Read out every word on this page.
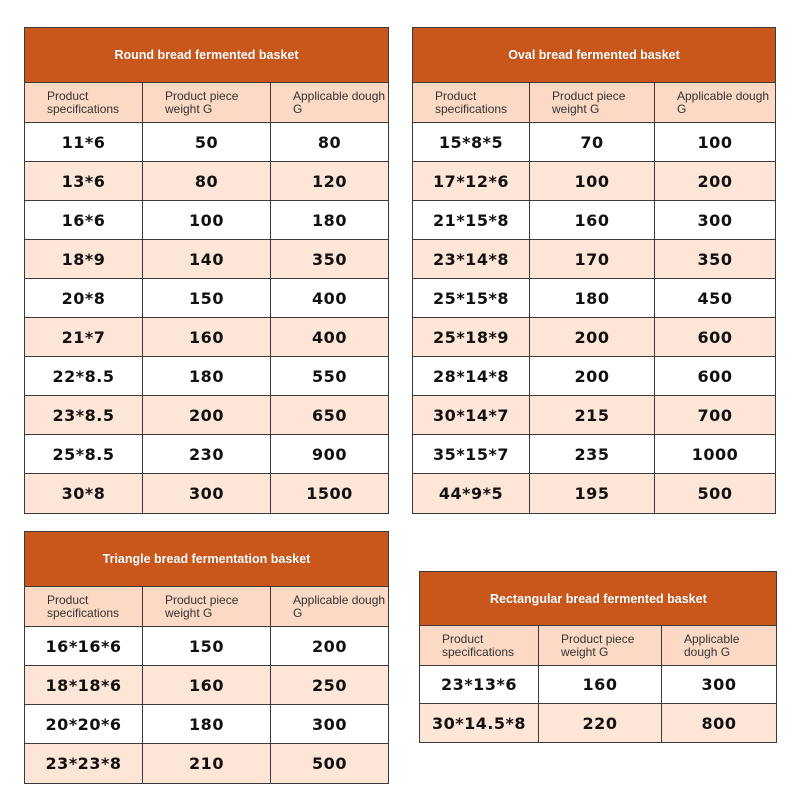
Round bread fermented basket
Product specifications
Product piece weight G
Applicable dough G
11*6	50	80
13*6	80	120
16*6	100	180
18*9	140	350
20*8	150	400
21*7	160	400
22*8.5	180	550
23*8.5	200	650
25*8.5	230	900
30*8	300	1500
Oval bread fermented basket
Product specifications
Product piece weight G
Applicable dough G
15*8*5	70	100
17*12*6	100	200
21*15*8	160	300
23*14*8	170	350
25*15*8	180	450
25*18*9	200	600
28*14*8	200	600
30*14*7	215	700
35*15*7	235	1000
44*9*5	195	500
Triangle bread fermentation basket
Product specifications
Product piece weight G
Applicable dough G
16*16*6	150	200
18*18*6	160	250
20*20*6	180	300
23*23*8	210	500
Rectangular bread fermented basket
Product specifications
Product piece weight G
Applicable dough G
23*13*6	160	300
30*14.5*8	220	800
